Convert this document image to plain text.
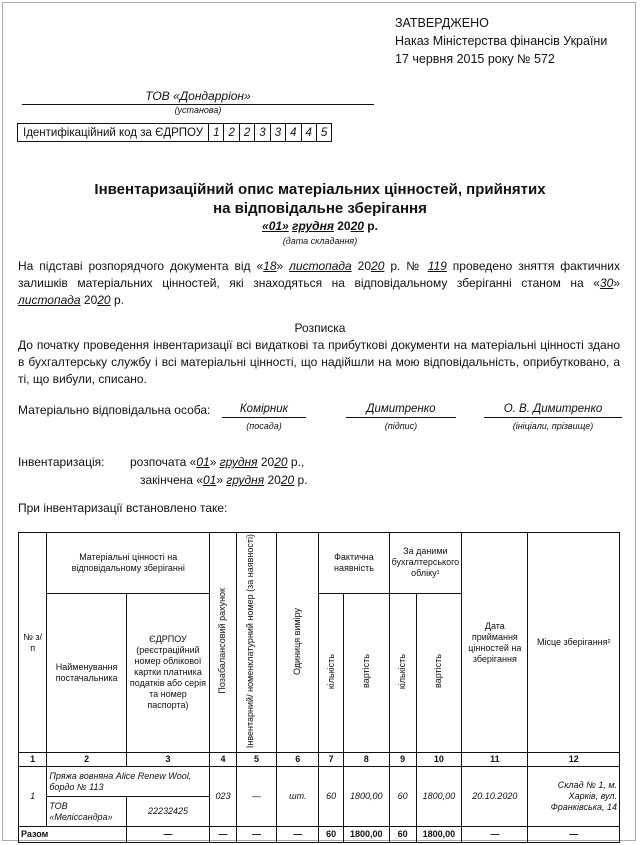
ЗАТВЕРДЖЕНО
Наказ Міністерства фінансів України
17 червня 2015 року № 572
ТОВ «Дондарріон»
(установа)
Ідентифікаційний код за ЄДРПОУ	1	2	2	3	3	4	4	5
Інвентаризаційний опис матеріальних цінностей, прийнятих
на відповідальне зберігання
«01» грудня 2020 р.
(дата складання)
На підставі розпорядчого документа від «18» листопада 2020 р. № 119 проведено зняття фактичних залишків матеріальних цінностей, які знаходяться на відповідальному зберіганні станом на «30» листопада 2020 р.
Розписка
До початку проведення інвентаризації всі видаткові та прибуткові документи на матеріальні цінності здано в бухгалтерську службу і всі матеріальні цінності, що надійшли на мою відповідальність, оприбутковано, а ті, що вибули, списано.
Матеріально відповідальна особа:	Комірник
(посада)
Димитренко
(підпис)
О. В. Димитренко
(ініціали, прізвище)
Інвентаризація: розпочата «01» грудня 2020 р.,
закінчена «01» грудня 2020 р.
При інвентаризації встановлено таке:
№ з/п	Матеріальні цінності на відповідальному зберіганні		Позабалансовий рахунок	Інвентарний/ номенклатурний номер (за наявності)	Одиниця виміру	Фактична наявність		За даними бухгалтерського обліку¹		Дата приймання цінностей на зберігання	Місце зберігання²
	Найменування постачальника	ЄДРПОУ (реєстраційний номер облікової картки платника податків або серія та номер паспорта)				кількість	вартість	кількість	вартість		
1	2	3	4	5	6	7	8	9	10	11	12
1	Пряжа вовняна Alice Renew Wool, бордо № 113		023	—	шт.	60	1800,00	60	1800,00	20.10.2020	Склад № 1, м. Харків, вул. Франківська, 14
	ТОВ «Меліссандра»	22232425									
Разом		—	—	—	—	60	1800,00	60	1800,00	—	—
